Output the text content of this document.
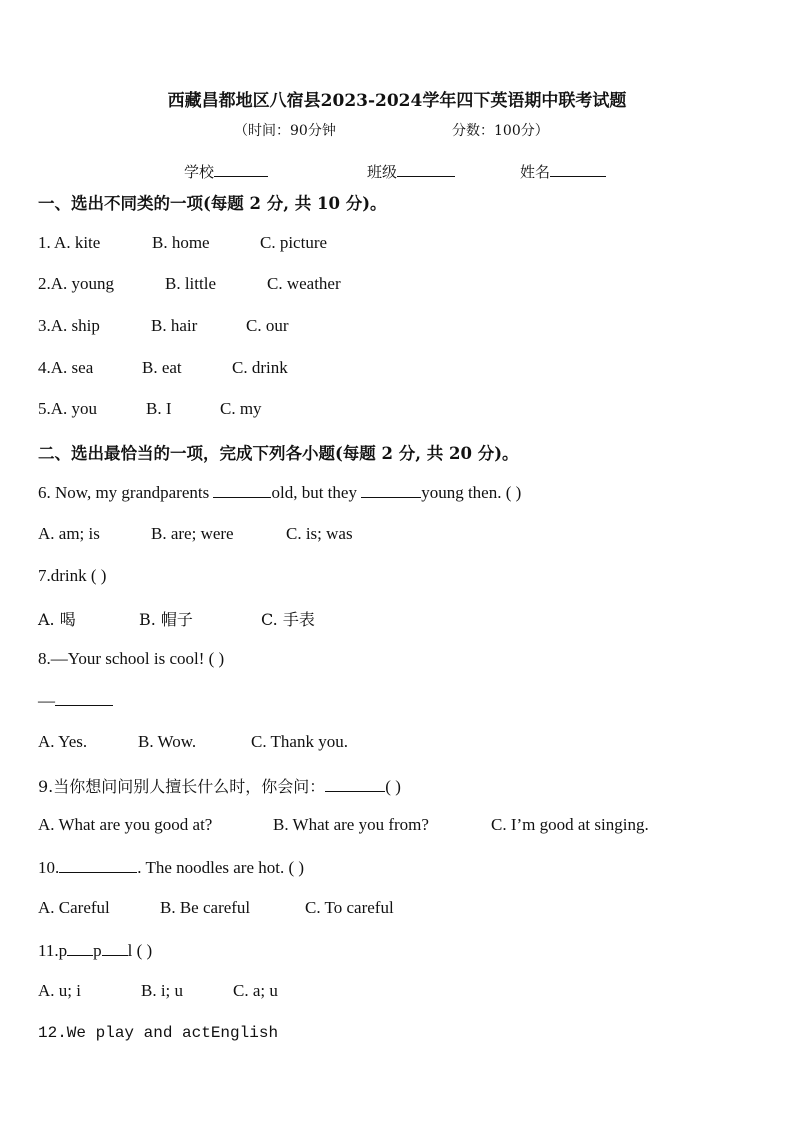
西藏昌都地区八宿县2023-2024学年四下英语期中联考试题
（时间：90分钟	分数：100分）
学校	班级	姓名
一、选出不同类的一项(每题 2 分, 共 10 分)。
1. A. kite	B. home	C. picture
2.A. young	B. little	C. weather
3.A. ship	B. hair	C. our
4.A. sea	B. eat	C. drink
5.A. you	B. I	C. my
二、选出最恰当的一项，完成下列各小题(每题 2 分, 共 20 分)。
6. Now, my grandparents	old, but they	young then. ( )
A. am; is	B. are; were	C. is; was
7.drink ( )
A. 喝	B. 帽子	C. 手表
8.—Your school is cool! ( )
—
A. Yes.	B. Wow.	C. Thank you.
9.当你想问问别人擅长什么时，你会问：	( )
A. What are you good at?	B. What are you from?	C. I’m good at singing.
10.	. The noodles are hot. ( )
A. Careful	B. Be careful	C. To careful
11.p p l ( )
A. u; i	B. i; u	C. a; u
12.We play and actEnglish
